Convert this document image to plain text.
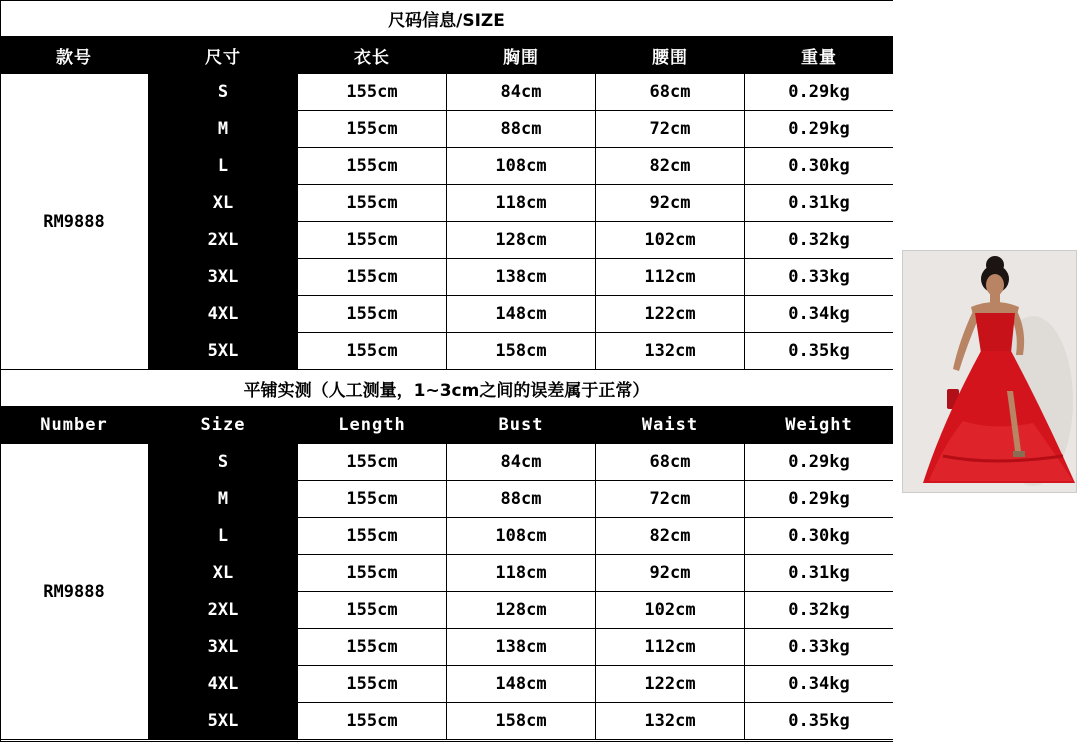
尺码信息/SIZE
款号	尺寸	衣长	胸围	腰围	重量
RM9888
S	155cm	84cm	68cm	0.29kg
M	155cm	88cm	72cm	0.29kg
L	155cm	108cm	82cm	0.30kg
XL	155cm	118cm	92cm	0.31kg
2XL	155cm	128cm	102cm	0.32kg
3XL	155cm	138cm	112cm	0.33kg
4XL	155cm	148cm	122cm	0.34kg
5XL	155cm	158cm	132cm	0.35kg
平铺实测（人工测量，1~3cm之间的误差属于正常）
Number	Size	Length	Bust	Waist	Weight
RM9888
S	155cm	84cm	68cm	0.29kg
M	155cm	88cm	72cm	0.29kg
L	155cm	108cm	82cm	0.30kg
XL	155cm	118cm	92cm	0.31kg
2XL	155cm	128cm	102cm	0.32kg
3XL	155cm	138cm	112cm	0.33kg
4XL	155cm	148cm	122cm	0.34kg
5XL	155cm	158cm	132cm	0.35kg
